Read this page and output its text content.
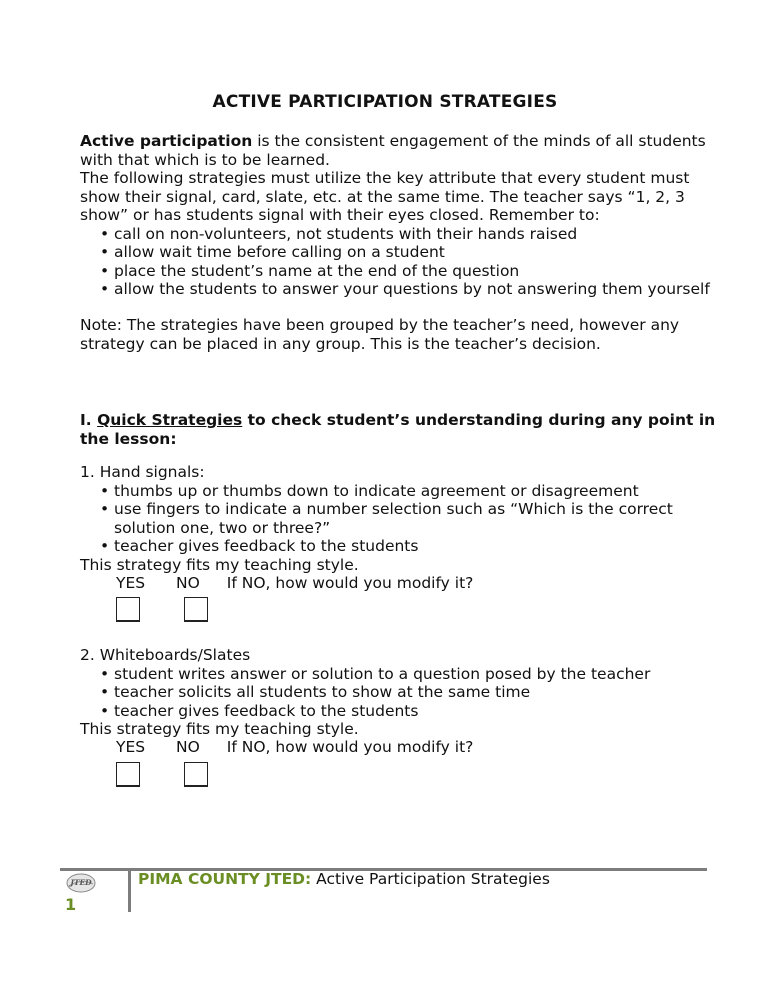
ACTIVE PARTICIPATION STRATEGIES
Active participation is the consistent engagement of the minds of all students
with that which is to be learned.
The following strategies must utilize the key attribute that every student must
show their signal, card, slate, etc. at the same time. The teacher says “1, 2, 3
show” or has students signal with their eyes closed. Remember to:
• call on non-volunteers, not students with their hands raised
• allow wait time before calling on a student
• place the student’s name at the end of the question
• allow the students to answer your questions by not answering them yourself
Note: The strategies have been grouped by the teacher’s need, however any
strategy can be placed in any group. This is the teacher’s decision.
I. Quick Strategies to check student’s understanding during any point in
the lesson:
1. Hand signals:
• thumbs up or thumbs down to indicate agreement or disagreement
• use fingers to indicate a number selection such as “Which is the correct
solution one, two or three?”
• teacher gives feedback to the students
This strategy fits my teaching style.
YES NO If NO, how would you modify it?
2. Whiteboards/Slates
• student writes answer or solution to a question posed by the teacher
• teacher solicits all students to show at the same time
• teacher gives feedback to the students
This strategy fits my teaching style.
YES NO If NO, how would you modify it?
JTED
1
PIMA COUNTY JTED: Active Participation Strategies
